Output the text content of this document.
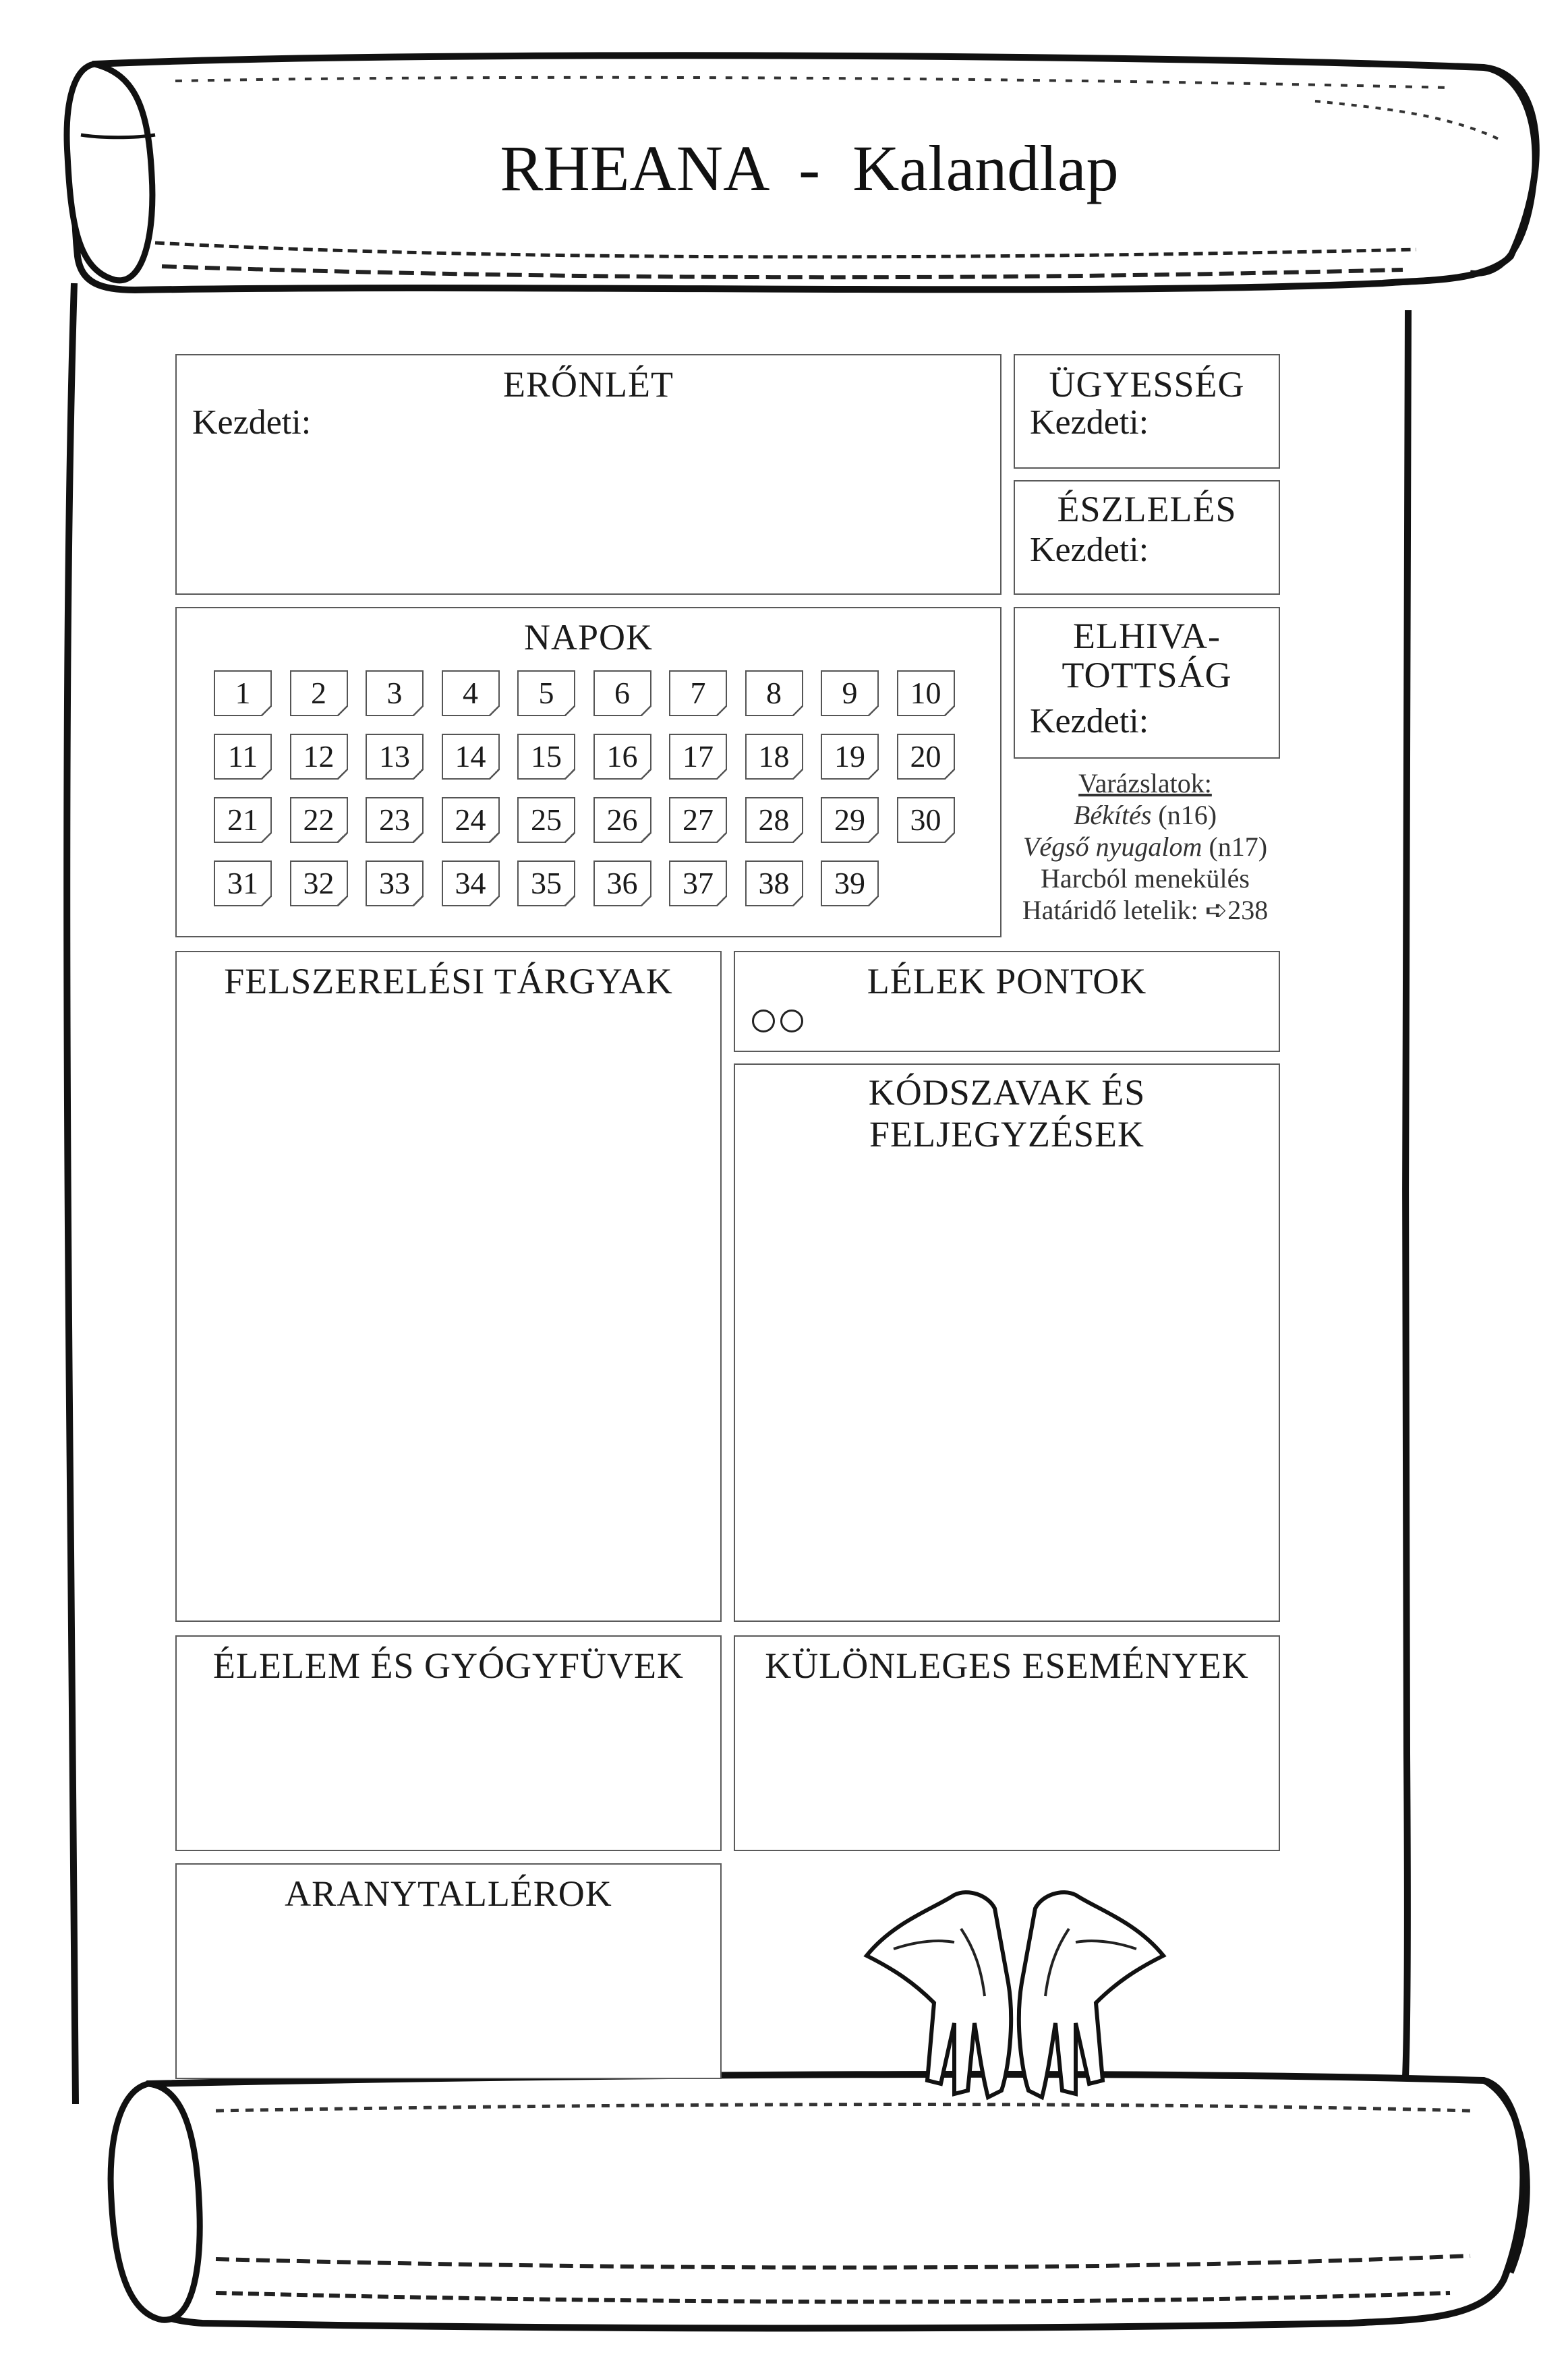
RHEANA  -  Kalandlap
ERŐNLÉT
Kezdeti:
ÜGYESSÉG
Kezdeti:
ÉSZLELÉS
Kezdeti:
NAPOK
1	2	3	4	5	6	7	8	9	10
11	12	13	14	15	16	17	18	19	20
21	22	23	24	25	26	27	28	29	30
31	32	33	34	35	36	37	38	39
ELHIVA-
TOTTSÁG
Kezdeti:
Varázslatok:
Békítés (n16)
Végső nyugalom (n17)
Harcból menekülés
Határidő letelik: ➪238
FELSZERELÉSI TÁRGYAK	LÉLEK PONTOK
KÓDSZAVAK ÉS
FELJEGYZÉSEK
ÉLELEM ÉS GYÓGYFÜVEK	KÜLÖNLEGES ESEMÉNYEK
ARANYTALLÉROK
